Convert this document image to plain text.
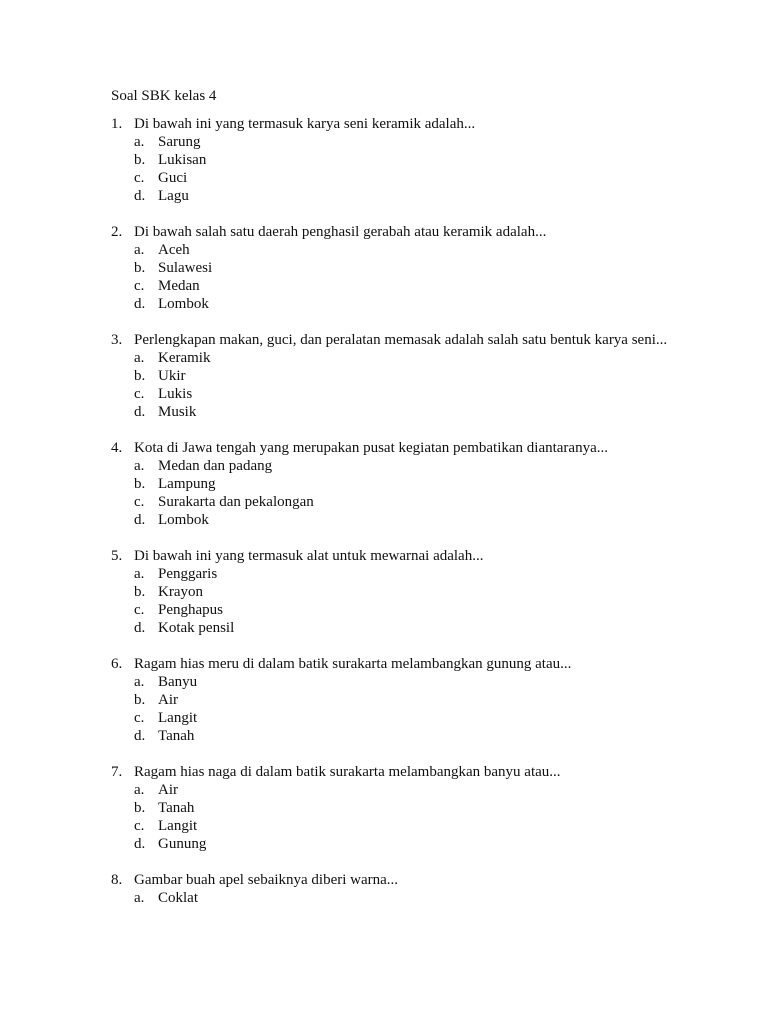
Soal SBK kelas 4
1. Di bawah ini yang termasuk karya seni keramik adalah...
a. Sarung
b. Lukisan
c. Guci
d. Lagu
2. Di bawah salah satu daerah penghasil gerabah atau keramik adalah...
a. Aceh
b. Sulawesi
c. Medan
d. Lombok
3. Perlengkapan makan, guci, dan peralatan memasak adalah salah satu bentuk karya seni...
a. Keramik
b. Ukir
c. Lukis
d. Musik
4. Kota di Jawa tengah yang merupakan pusat kegiatan pembatikan diantaranya...
a. Medan dan padang
b. Lampung
c. Surakarta dan pekalongan
d. Lombok
5. Di bawah ini yang termasuk alat untuk mewarnai adalah...
a. Penggaris
b. Krayon
c. Penghapus
d. Kotak pensil
6. Ragam hias meru di dalam batik surakarta melambangkan gunung atau...
a. Banyu
b. Air
c. Langit
d. Tanah
7. Ragam hias naga di dalam batik surakarta melambangkan banyu atau...
a. Air
b. Tanah
c. Langit
d. Gunung
8. Gambar buah apel sebaiknya diberi warna...
a. Coklat
